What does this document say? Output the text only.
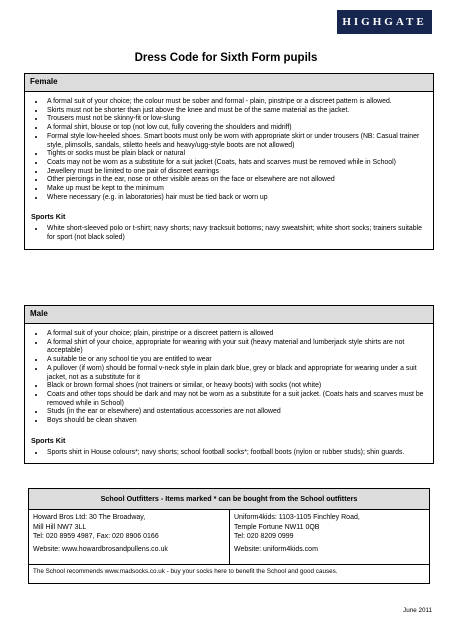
HIGHGATE
Dress Code for Sixth Form pupils
Female
• A formal suit of your choice; the colour must be sober and formal - plain, pinstripe or a discreet pattern is allowed.
• Skirts must not be shorter than just above the knee and must be of the same material as the jacket.
• Trousers must not be skinny-fit or low-slung
• A formal shirt, blouse or top (not low cut, fully covering the shoulders and midriff)
• Formal style low-heeled shoes. Smart boots must only be worn with appropriate skirt or under trousers (NB: Casual trainer style, plimsolls, sandals, stiletto heels and heavy/ugg-style boots are not allowed)
• Tights or socks must be plain black or natural
• Coats may not be worn as a substitute for a suit jacket (Coats, hats and scarves must be removed while in School)
• Jewellery must be limited to one pair of discreet earrings
• Other piercings in the ear, nose or other visible areas on the face or elsewhere are not allowed
• Make up must be kept to the minimum
• Where necessary (e.g. in laboratories) hair must be tied back or worn up
Sports Kit
• White short-sleeved polo or t-shirt; navy shorts; navy tracksuit bottoms; navy sweatshirt; white short socks; trainers suitable for sport (not black soled)
Male
• A formal suit of your choice; plain, pinstripe or a discreet pattern is allowed
• A formal shirt of your choice, appropriate for wearing with your suit (heavy material and lumberjack style shirts are not acceptable)
• A suitable tie or any school tie you are entitled to wear
• A pullover (if worn) should be formal v-neck style in plain dark blue, grey or black and appropriate for wearing under a suit jacket, not as a substitute for it
• Black or brown formal shoes (not trainers or similar, or heavy boots) with socks (not white)
• Coats and other tops should be dark and may not be worn as a substitute for a suit jacket. (Coats hats and scarves must be removed while in School)
• Studs (in the ear or elsewhere) and ostentatious accessories are not allowed
• Boys should be clean shaven
Sports Kit
• Sports shirt in House colours*; navy shorts; school football socks*; football boots (nylon or rubber studs); shin guards.
School Outfitters - Items marked * can be bought from the School outfitters
Howard Bros Ltd: 30 The Broadway,
Mill Hill NW7 3LL
Tel: 020 8959 4987, Fax: 020 8906 0166
Website: www.howardbrosandpullens.co.uk
Uniform4kids: 1103-1105 Finchley Road,
Temple Fortune NW11 0QB
Tel: 020 8209 0999
Website: uniform4kids.com
The School recommends www.madsocks.co.uk - buy your socks here to benefit the School and good causes.
June 2011
